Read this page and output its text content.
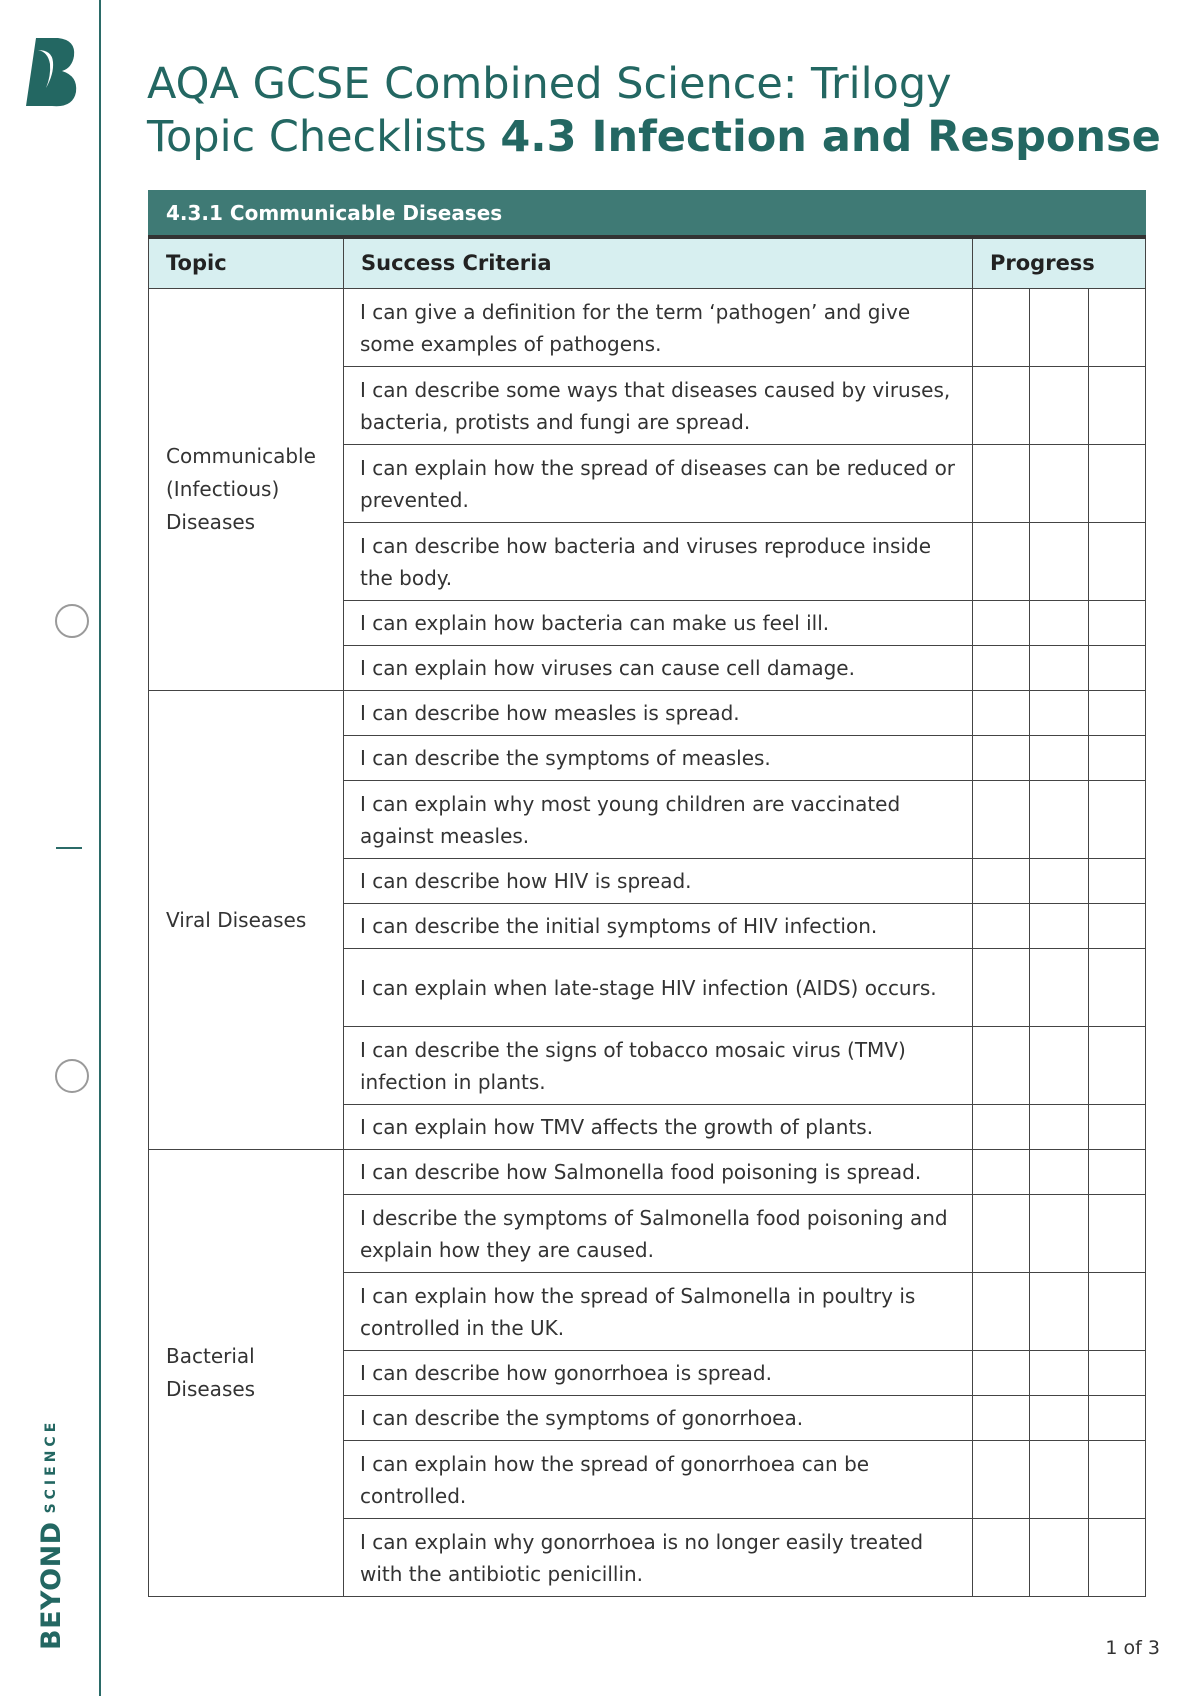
BEYOND
SCIENCE
AQA GCSE Combined Science: Trilogy
Topic Checklists 4.3 Infection and Response
4.3.1 Communicable Diseases				
Topic	Success Criteria	Progress		
Communicable (Infectious) Diseases	I can give a definition for the term ‘pathogen’ and give some examples of pathogens.			
	I can describe some ways that diseases caused by viruses, bacteria, protists and fungi are spread.			
	I can explain how the spread of diseases can be reduced or prevented.			
	I can describe how bacteria and viruses reproduce inside the body.			
	I can explain how bacteria can make us feel ill.			
	I can explain how viruses can cause cell damage.			
Viral Diseases	I can describe how measles is spread.			
	I can describe the symptoms of measles.			
	I can explain why most young children are vaccinated against measles.			
	I can describe how HIV is spread.			
	I can describe the initial symptoms of HIV infection.			
	I can explain when late-stage HIV infection (AIDS) occurs.			
	I can describe the signs of tobacco mosaic virus (TMV) infection in plants.			
	I can explain how TMV affects the growth of plants.			
Bacterial Diseases	I can describe how Salmonella food poisoning is spread.			
	I describe the symptoms of Salmonella food poisoning and explain how they are caused.			
	I can explain how the spread of Salmonella in poultry is controlled in the UK.			
	I can describe how gonorrhoea is spread.			
	I can describe the symptoms of gonorrhoea.			
	I can explain how the spread of gonorrhoea can be controlled.			
	I can explain why gonorrhoea is no longer easily treated with the antibiotic penicillin.			
1 of 3
